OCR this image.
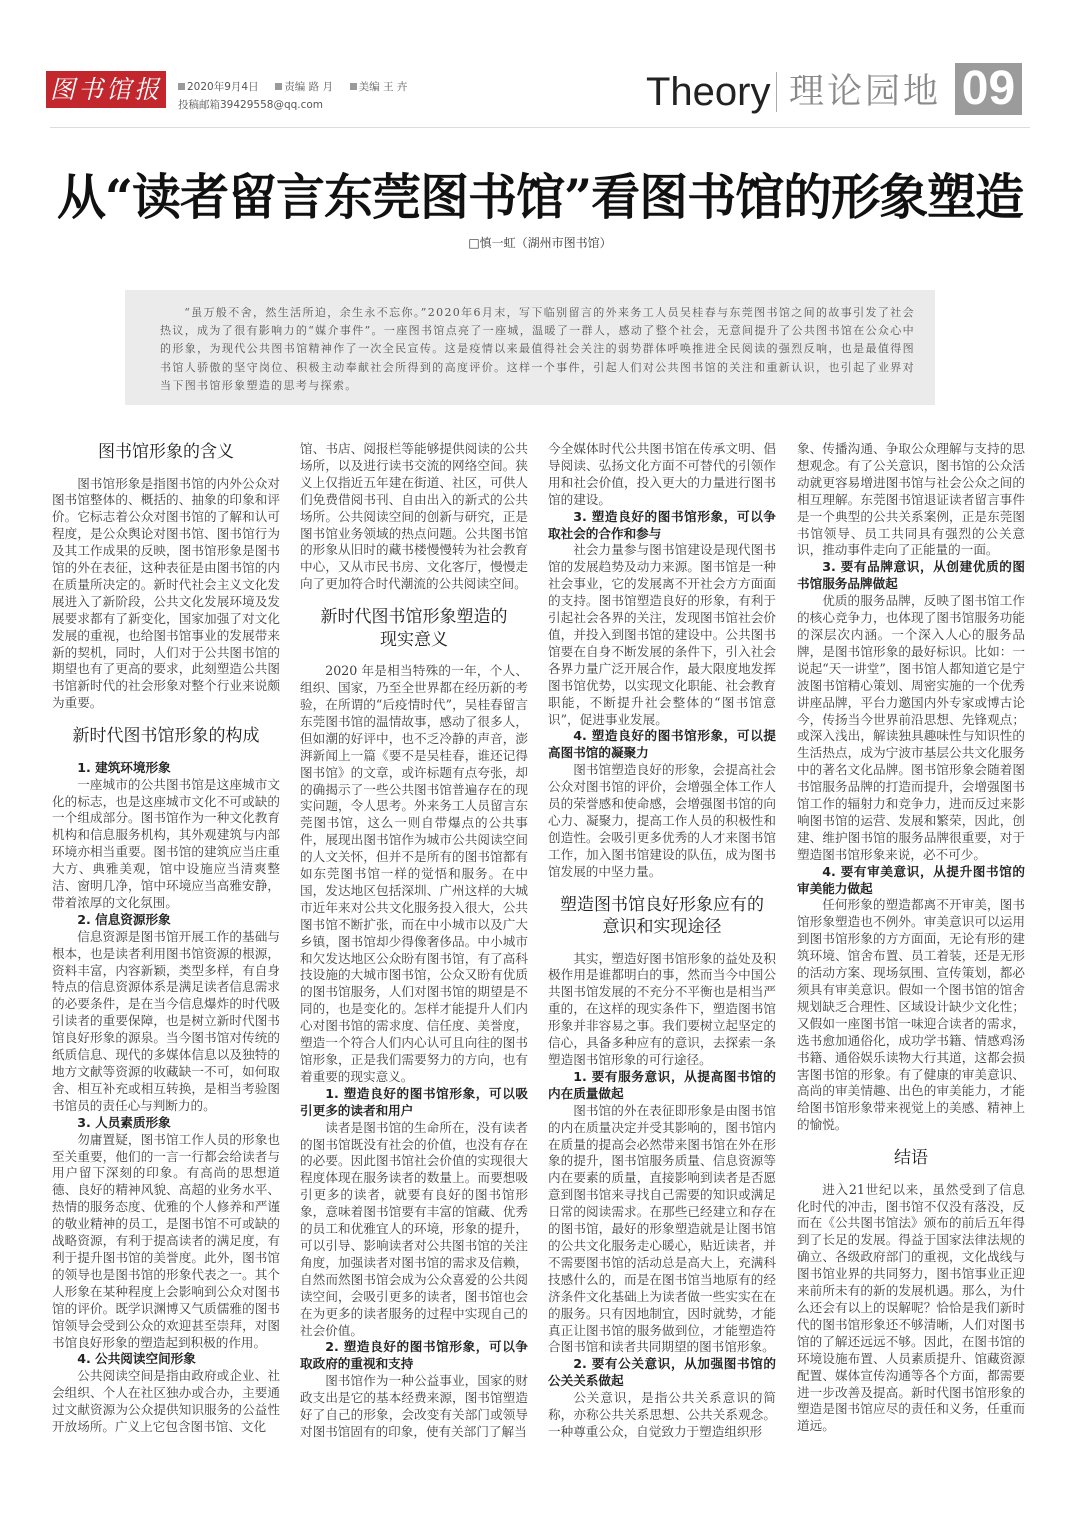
图书馆报	2020年9月4日 责编 路 月 美编 王 卉
投稿邮箱39429558@qq.com	Theory 理论园地 09
从“读者留言东莞图书馆”看图书馆的形象塑造
□慎一虹（湖州市图书馆）

“虽万般不舍，然生活所迫，余生永不忘你。”2020年6月末，写下临别留言的外来务工人员吴桂春与东莞图书馆之间的故事引发了社会热议，成为了很有影响力的“媒介事件”。一座图书馆点亮了一座城，温暖了一群人，感动了整个社会，无意间提升了公共图书馆在公众心中的形象，为现代公共图书馆精神作了一次全民宣传。这是疫情以来最值得社会关注的弱势群体呼唤推进全民阅读的强烈反响，也是最值得图书馆人骄傲的坚守岗位、积极主动奉献社会所得到的高度评价。这样一个事件，引起人们对公共图书馆的关注和重新认识，也引起了业界对当下图书馆形象塑造的思考与探索。

图书馆形象的含义

图书馆形象是指图书馆的内外公众对图书馆整体的、概括的、抽象的印象和评价。它标志着公众对图书馆的了解和认可程度，是公众舆论对图书馆、图书馆行为及其工作成果的反映，图书馆形象是图书馆的外在表征，这种表征是由图书馆的内在质量所决定的。新时代社会主义文化发展进入了新阶段，公共文化发展环境及发展要求都有了新变化，国家加强了对文化发展的重视，也给图书馆事业的发展带来新的契机，同时，人们对于公共图书馆的期望也有了更高的要求，此刻塑造公共图书馆新时代的社会形象对整个行业来说颇为重要。

新时代图书馆形象的构成

1. 建筑环境形象

一座城市的公共图书馆是这座城市文化的标志，也是这座城市文化不可或缺的一个组成部分。图书馆作为一种文化教育机构和信息服务机构，其外观建筑与内部环境亦相当重要。图书馆的建筑应当庄重大方、典雅美观，馆中设施应当清爽整洁、窗明几净，馆中环境应当高雅安静，带着浓厚的文化氛围。

2. 信息资源形象

信息资源是图书馆开展工作的基础与根本，也是读者利用图书馆资源的根源，资料丰富，内容新颖，类型多样，有自身特点的信息资源体系是满足读者信息需求的必要条件，是在当今信息爆炸的时代吸引读者的重要保障，也是树立新时代图书馆良好形象的源泉。当今图书馆对传统的纸质信息、现代的多媒体信息以及独特的地方文献等资源的收藏缺一不可，如何取舍、相互补充或相互转换，是相当考验图书馆员的责任心与判断力的。

3. 人员素质形象

勿庸置疑，图书馆工作人员的形象也至关重要，他们的一言一行都会给读者与用户留下深刻的印象。有高尚的思想道德、良好的精神风貌、高超的业务水平、热情的服务态度、优雅的个人修养和严谨的敬业精神的员工，是图书馆不可或缺的战略资源，有利于提高读者的满足度，有利于提升图书馆的美誉度。此外，图书馆的领导也是图书馆的形象代表之一。其个人形象在某种程度上会影响到公众对图书馆的评价。既学识渊博又气质儒雅的图书馆领导会受到公众的欢迎甚至崇拜，对图书馆良好形象的塑造起到积极的作用。

4. 公共阅读空间形象

公共阅读空间是指由政府或企业、社会组织、个人在社区独办或合办，主要通过文献资源为公众提供知识服务的公益性开放场所。广义上它包含图书馆、文化

馆、书店、阅报栏等能够提供阅读的公共场所，以及进行读书交流的网络空间。狭义上仅指近五年建在街道、社区，可供人们免费借阅书刊、自由出入的新式的公共场所。公共阅读空间的创新与研究，正是图书馆业务领域的热点问题。公共图书馆的形象从旧时的藏书楼慢慢转为社会教育中心，又从市民书房、文化客厅，慢慢走向了更加符合时代潮流的公共阅读空间。

新时代图书馆形象塑造的
现实意义

2020 年是相当特殊的一年，个人、组织、国家，乃至全世界都在经历新的考验，在所谓的“后疫情时代”，吴桂春留言东莞图书馆的温情故事，感动了很多人，但如潮的好评中，也不乏冷静的声音，澎湃新闻上一篇《要不是吴桂春，谁还记得图书馆》的文章，或许标题有点夸张，却的确揭示了一些公共图书馆普遍存在的现实问题，令人思考。外来务工人员留言东莞图书馆，这么一则自带爆点的公共事件，展现出图书馆作为城市公共阅读空间的人文关怀，但并不是所有的图书馆都有如东莞图书馆一样的觉悟和服务。在中国，发达地区包括深圳、广州这样的大城市近年来对公共文化服务投入很大，公共图书馆不断扩张，而在中小城市以及广大乡镇，图书馆却少得像奢侈品。中小城市和欠发达地区公众盼有图书馆，有了高科技设施的大城市图书馆，公众又盼有优质的图书馆服务，人们对图书馆的期望是不同的，也是变化的。怎样才能提升人们内心对图书馆的需求度、信任度、美誉度，塑造一个符合人们内心认可且向往的图书馆形象，正是我们需要努力的方向，也有着重要的现实意义。

1. 塑造良好的图书馆形象，可以吸引更多的读者和用户

读者是图书馆的生命所在，没有读者的图书馆既没有社会的价值，也没有存在的必要。因此图书馆社会价值的实现很大程度体现在服务读者的数量上。而要想吸引更多的读者，就要有良好的图书馆形象，意味着图书馆要有丰富的馆藏、优秀的员工和优雅宜人的环境，形象的提升，可以引导、影响读者对公共图书馆的关注角度，加强读者对图书馆的需求及信赖，自然而然图书馆会成为公众喜爱的公共阅读空间，会吸引更多的读者，图书馆也会在为更多的读者服务的过程中实现自己的社会价值。

2. 塑造良好的图书馆形象，可以争取政府的重视和支持

图书馆作为一种公益事业，国家的财政支出是它的基本经费来源，图书馆塑造好了自己的形象，会改变有关部门或领导对图书馆固有的印象，使有关部门了解当

今全媒体时代公共图书馆在传承文明、倡导阅读、弘扬文化方面不可替代的引领作用和社会价值，投入更大的力量进行图书馆的建设。

3. 塑造良好的图书馆形象，可以争取社会的合作和参与

社会力量参与图书馆建设是现代图书馆的发展趋势及动力来源。图书馆是一种社会事业，它的发展离不开社会方方面面的支持。图书馆塑造良好的形象，有利于引起社会各界的关注，发现图书馆社会价值，并投入到图书馆的建设中。公共图书馆要在自身不断发展的条件下，引入社会各界力量广泛开展合作，最大限度地发挥图书馆优势，以实现文化职能、社会教育职能，不断提升社会整体的“图书馆意识”，促进事业发展。

4. 塑造良好的图书馆形象，可以提高图书馆的凝聚力

图书馆塑造良好的形象，会提高社会公众对图书馆的评价，会增强全体工作人员的荣誉感和使命感，会增强图书馆的向心力、凝聚力，提高工作人员的积极性和创造性。会吸引更多优秀的人才来图书馆工作，加入图书馆建设的队伍，成为图书馆发展的中坚力量。

塑造图书馆良好形象应有的
意识和实现途径

其实，塑造好图书馆形象的益处及积极作用是谁都明白的事，然而当今中国公共图书馆发展的不充分不平衡也是相当严重的，在这样的现实条件下，塑造图书馆形象并非容易之事。我们要树立起坚定的信心，具备多种应有的意识，去探索一条塑造图书馆形象的可行途径。

1. 要有服务意识，从提高图书馆的内在质量做起

图书馆的外在表征即形象是由图书馆的内在质量决定并受其影响的，图书馆内在质量的提高会必然带来图书馆在外在形象的提升，图书馆服务质量、信息资源等内在要素的质量，直接影响到读者是否愿意到图书馆来寻找自己需要的知识或满足日常的阅读需求。在那些已经建立和存在的图书馆，最好的形象塑造就是让图书馆的公共文化服务走心暖心，贴近读者，并不需要图书馆的活动总是高大上，充满科技感什么的，而是在图书馆当地原有的经济条件文化基础上为读者做一些实实在在的服务。只有因地制宜，因时就势，才能真正让图书馆的服务做到位，才能塑造符合图书馆和读者共同期望的图书馆形象。

2. 要有公关意识，从加强图书馆的公关关系做起

公关意识，是指公共关系意识的简称，亦称公共关系思想、公共关系观念。一种尊重公众，自觉致力于塑造组织形

象、传播沟通、争取公众理解与支持的思想观念。有了公关意识，图书馆的公众活动就更容易增进图书馆与社会公众之间的相互理解。东莞图书馆退证读者留言事件是一个典型的公共关系案例，正是东莞图书馆领导、员工共同具有强烈的公关意识，推动事件走向了正能量的一面。

3. 要有品牌意识，从创建优质的图书馆服务品牌做起

优质的服务品牌，反映了图书馆工作的核心竞争力，也体现了图书馆服务功能的深层次内涵。一个深入人心的服务品牌，是图书馆形象的最好标识。比如：一说起“天一讲堂”，图书馆人都知道它是宁波图书馆精心策划、周密实施的一个优秀讲座品牌，平台力邀国内外专家或博古论今，传扬当今世界前沿思想、先锋观点；或深入浅出，解读独具趣味性与知识性的生活热点，成为宁波市基层公共文化服务中的著名文化品牌。图书馆形象会随着图书馆服务品牌的打造而提升，会增强图书馆工作的辐射力和竞争力，进而反过来影响图书馆的运营、发展和繁荣，因此，创建、维护图书馆的服务品牌很重要，对于塑造图书馆形象来说，必不可少。

4. 要有审美意识，从提升图书馆的审美能力做起

任何形象的塑造都离不开审美，图书馆形象塑造也不例外。审美意识可以运用到图书馆形象的方方面面，无论有形的建筑环境、馆舍布置、员工着装，还是无形的活动方案、现场氛围、宣传策划，都必须具有审美意识。假如一个图书馆的馆舍规划缺乏合理性、区域设计缺少文化性；又假如一座图书馆一味迎合读者的需求，选书愈加通俗化，成功学书籍、情感鸡汤书籍、通俗娱乐读物大行其道，这都会损害图书馆的形象。有了健康的审美意识、高尚的审美情趣、出色的审美能力，才能给图书馆形象带来视觉上的美感、精神上的愉悦。

结语

进入21世纪以来，虽然受到了信息化时代的冲击，图书馆不仅没有落没，反而在《公共图书馆法》颁布的前后五年得到了长足的发展。得益于国家法律法规的确立、各级政府部门的重视，文化战线与图书馆业界的共同努力，图书馆事业正迎来前所未有的新的发展机遇。那么，为什么还会有以上的误解呢？恰恰是我们新时代的图书馆形象还不够清晰，人们对图书馆的了解还远远不够。因此，在图书馆的环境设施布置、人员素质提升、馆藏资源配置、媒体宣传沟通等各个方面，都需要进一步改善及提高。新时代图书馆形象的塑造是图书馆应尽的责任和义务，任重而道远。
